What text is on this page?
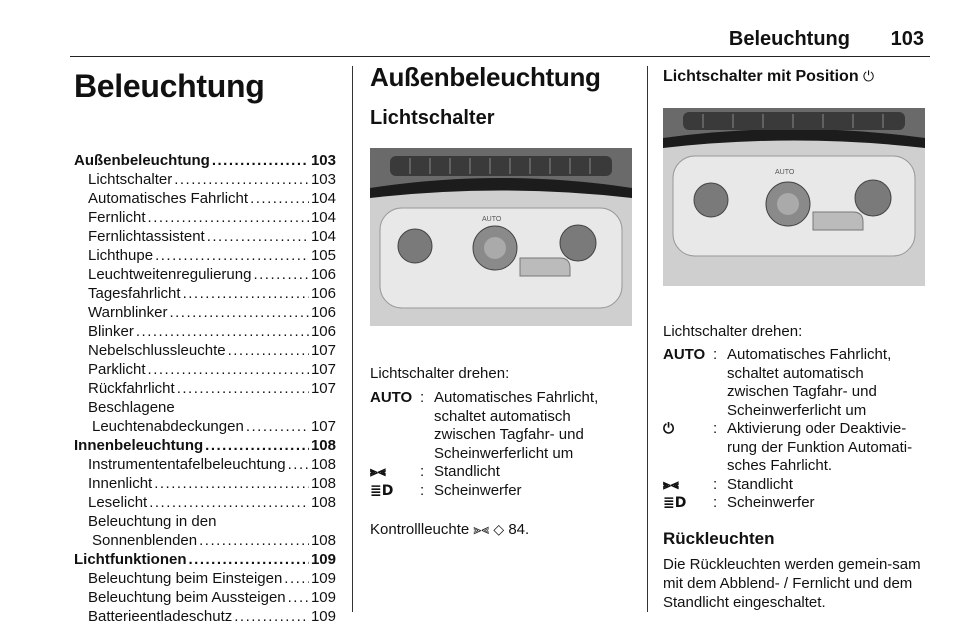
Beleuchtung 103
Beleuchtung
Außenbeleuchtung .....	103
Lichtschalter .....	103
Automatisches Fahrlicht .....	104
Fernlicht .....	104
Fernlichtassistent .....	104
Lichthupe .....	105
Leuchtweitenregulierung .....	106
Tagesfahrlicht .....	106
Warnblinker .....	106
Blinker .....	106
Nebelschlussleuchte .....	107
Parklicht .....	107
Rückfahrlicht .....	107
Beschlagene
Leuchtenabdeckungen .....	107
Innenbeleuchtung .....	108
Instrumententafelbeleuchtung ..... 108
Innenlicht .....	108
Leselicht .....	108
Beleuchtung in den
Sonnenblenden .....	108
Lichtfunktionen .....	109
Beleuchtung beim Einsteigen ..... 109
Beleuchtung beim Aussteigen ..... 109
Batterieentladeschutz .....	109
Außenbeleuchtung
Lichtschalter
AUTO
Lichtschalter drehen:
AUTO : Automatisches Fahrlicht, schaltet automatisch zwischen Tagfahr- und Scheinwerferlicht um
⫸⫷	: Standlicht
≣D	: Scheinwerfer
Kontrollleuchte ⫸⫷ ◇ 84.
Lichtschalter mit Position ⏻
AUTO
Lichtschalter drehen:
AUTO : Automatisches Fahrlicht, schaltet automatisch zwischen Tagfahr- und Scheinwerferlicht um
⏻	: Aktivierung oder Deaktivie-rung der Funktion Automati-sches Fahrlicht.
⫸⫷	: Standlicht
≣D	: Scheinwerfer
Rückleuchten
Die Rückleuchten werden gemein-sam mit dem Abblend- / Fernlicht und dem Standlicht eingeschaltet.
